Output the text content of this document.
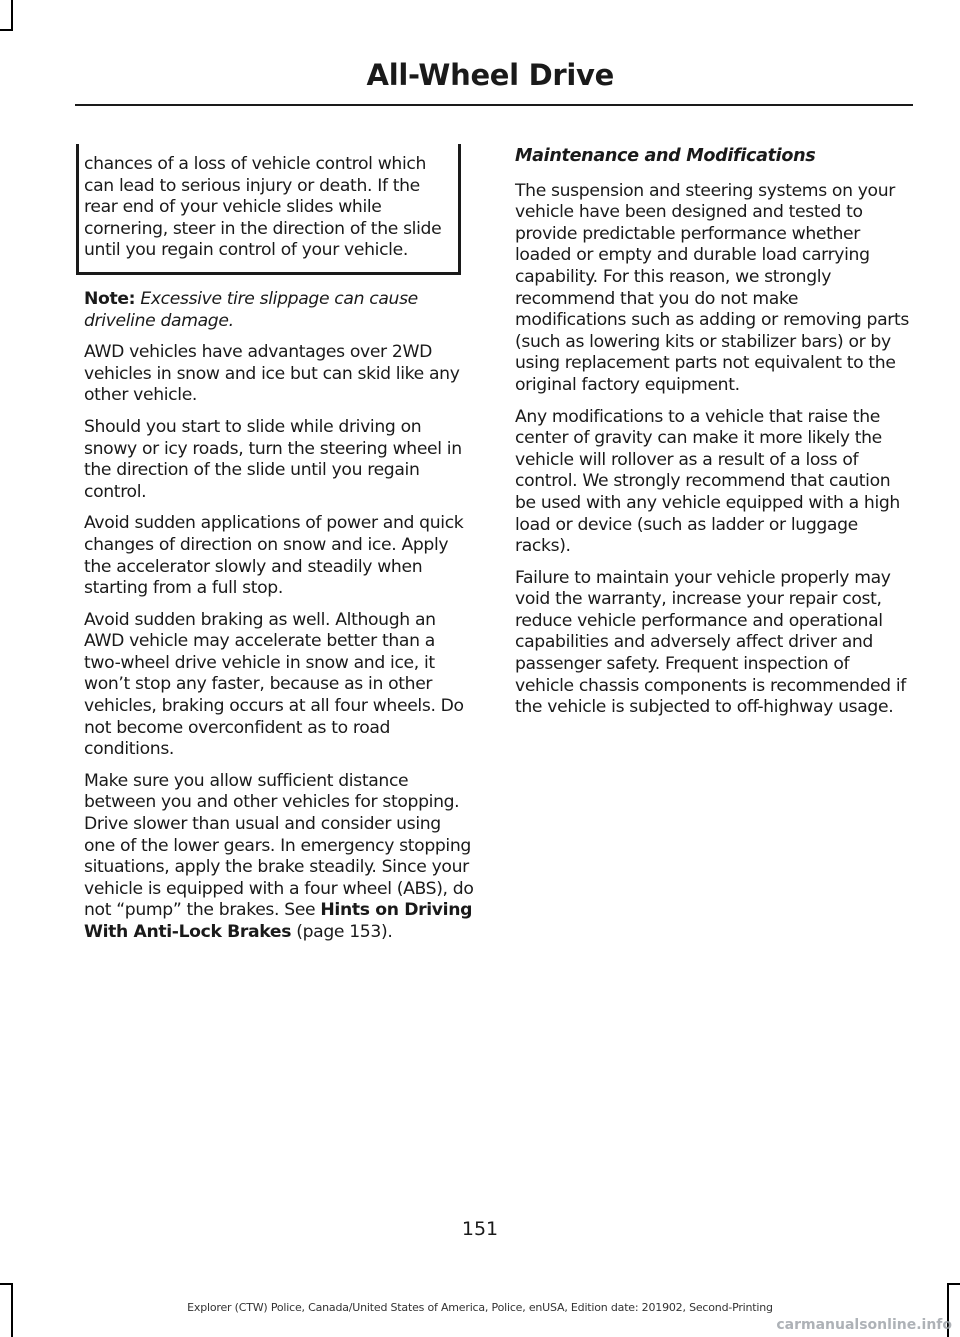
All-Wheel Drive

chances of a loss of vehicle control which can lead to serious injury or death. If the rear end of your vehicle slides while cornering, steer in the direction of the slide until you regain control of your vehicle.

Note: Excessive tire slippage can cause driveline damage.

AWD vehicles have advantages over 2WD vehicles in snow and ice but can skid like any other vehicle.

Should you start to slide while driving on snowy or icy roads, turn the steering wheel in the direction of the slide until you regain control.

Avoid sudden applications of power and quick changes of direction on snow and ice. Apply the accelerator slowly and steadily when starting from a full stop.

Avoid sudden braking as well. Although an AWD vehicle may accelerate better than a two-wheel drive vehicle in snow and ice, it won’t stop any faster, because as in other vehicles, braking occurs at all four wheels. Do not become overconfident as to road conditions.

Make sure you allow sufficient distance between you and other vehicles for stopping. Drive slower than usual and consider using one of the lower gears. In emergency stopping situations, apply the brake steadily. Since your vehicle is equipped with a four wheel (ABS), do not “pump” the brakes. See Hints on Driving With Anti-Lock Brakes (page 153).

Maintenance and Modifications

The suspension and steering systems on your vehicle have been designed and tested to provide predictable performance whether loaded or empty and durable load carrying capability. For this reason, we strongly recommend that you do not make modifications such as adding or removing parts (such as lowering kits or stabilizer bars) or by using replacement parts not equivalent to the original factory equipment.

Any modifications to a vehicle that raise the center of gravity can make it more likely the vehicle will rollover as a result of a loss of control. We strongly recommend that caution be used with any vehicle equipped with a high load or device (such as ladder or luggage racks).

Failure to maintain your vehicle properly may void the warranty, increase your repair cost, reduce vehicle performance and operational capabilities and adversely affect driver and passenger safety. Frequent inspection of vehicle chassis components is recommended if the vehicle is subjected to off-highway usage.

151
Explorer (CTW) Police, Canada/United States of America, Police, enUSA, Edition date: 201902, Second-Printing
carmanualsonline.info
